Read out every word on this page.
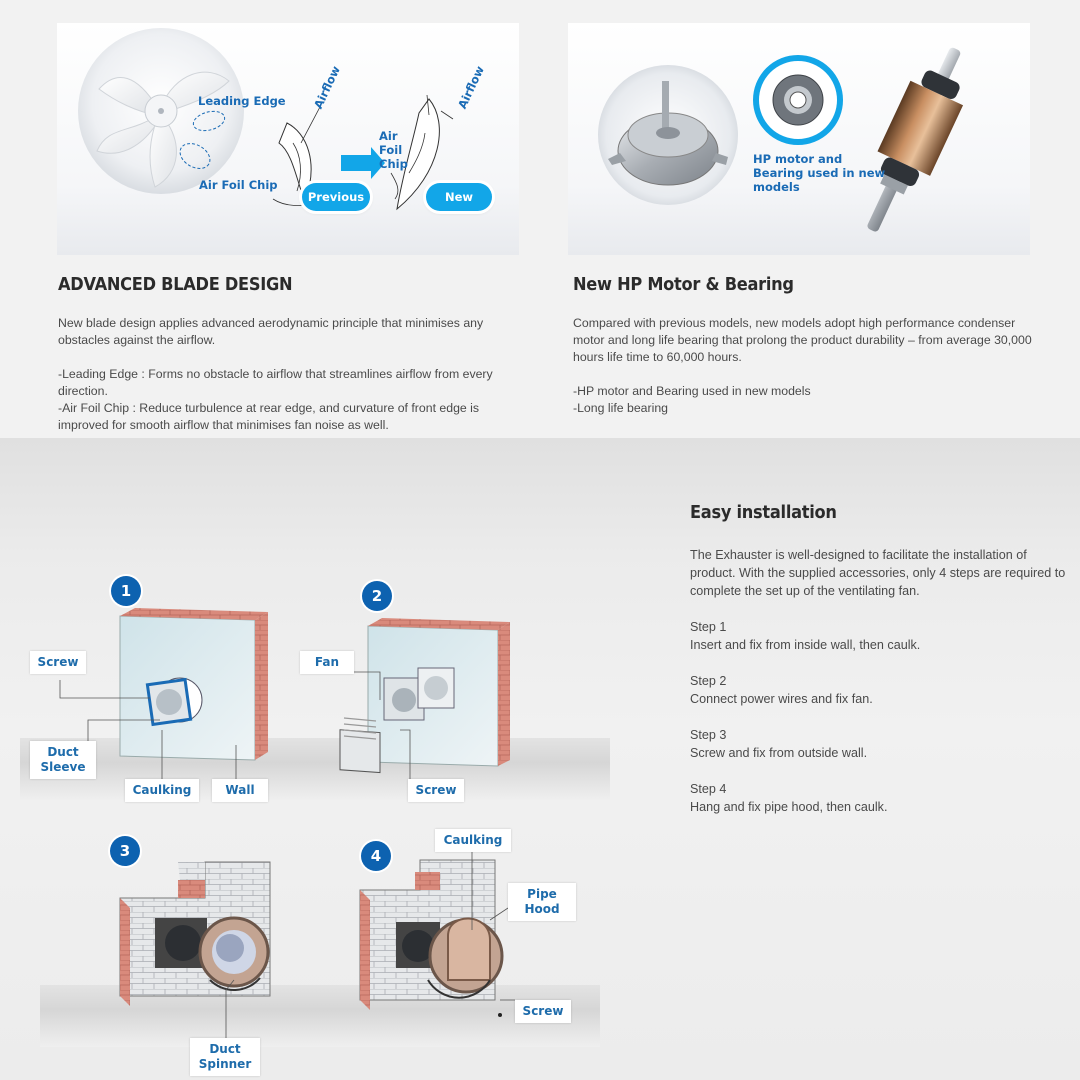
Leading Edge
Air Foil Chip
Airflow	Airflow
Air Foil Chip
Previous	New
HP motor and Bearing used in new models
ADVANCED BLADE DESIGN

New blade design applies advanced aerodynamic principle that minimises any obstacles against the airflow.

-Leading Edge : Forms no obstacle to airflow that streamlines airflow from every direction.

-Air Foil Chip : Reduce turbulence at rear edge, and curvature of front edge is improved for smooth airflow that minimises fan noise as well.

New HP Motor & Bearing

Compared with previous models, new models adopt high performance condenser motor and long life bearing that prolong the product durability – from average 30,000 hours life time to 60,000 hours.

-HP motor and Bearing used in new models

-Long life bearing

Easy installation

The Exhauster is well-designed to facilitate the installation of product. With the supplied accessories, only 4 steps are required to complete the set up of the ventilating fan.

Step 1

Insert and fix from inside wall, then caulk.

Step 2

Connect power wires and fix fan.

Step 3

Screw and fix from outside wall.

Step 4

Hang and fix pipe hood, then caulk.

1	2
3	4
Screw
Duct Sleeve
Caulking	Wall
Fan
Screw
Duct Spinner
Caulking
Pipe Hood
Screw
